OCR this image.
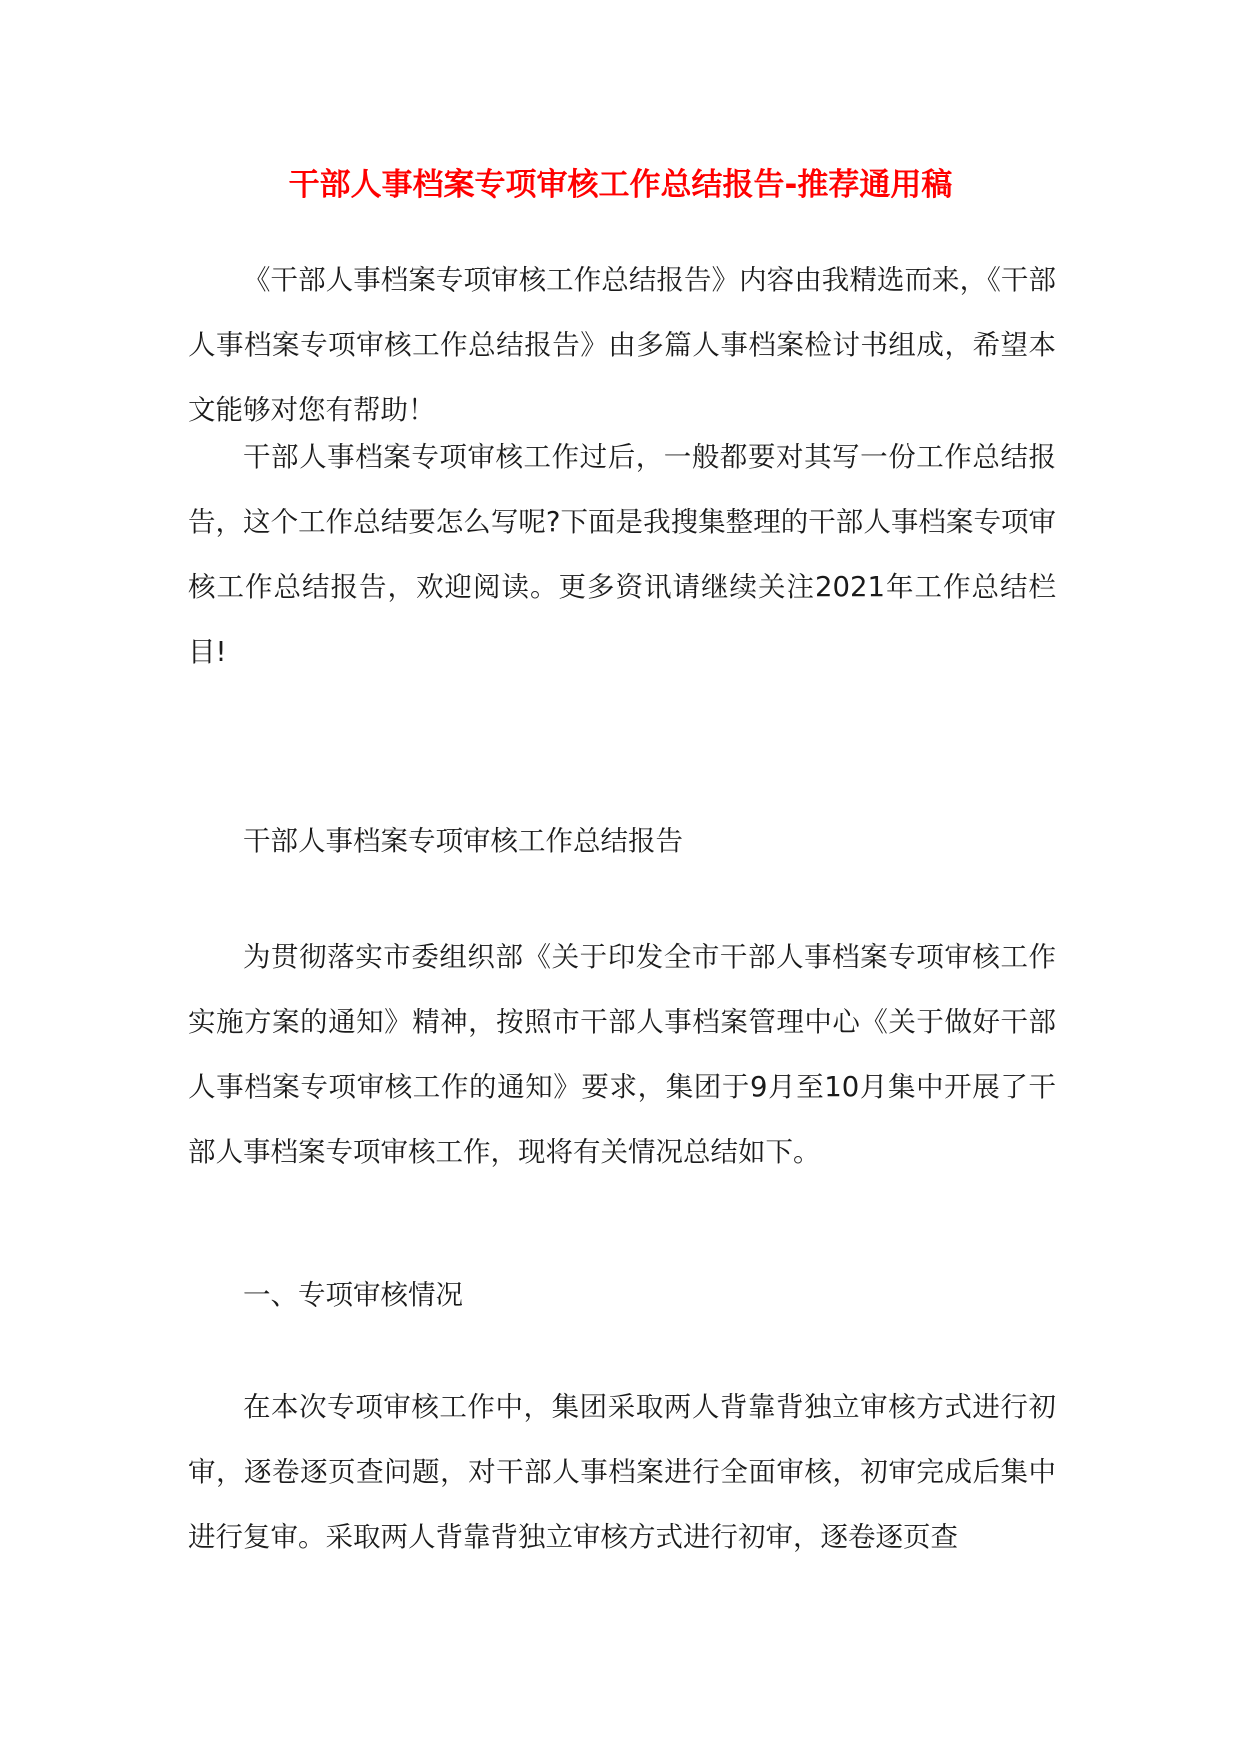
干部人事档案专项审核工作总结报告-推荐通用稿

《干部人事档案专项审核工作总结报告》内容由我精选而来，《干部人事档案专项审核工作总结报告》由多篇人事档案检讨书组成，希望本文能够对您有帮助！

干部人事档案专项审核工作过后，一般都要对其写一份工作总结报告，这个工作总结要怎么写呢?下面是我搜集整理的干部人事档案专项审核工作总结报告，欢迎阅读。更多资讯请继续关注2021年工作总结栏目!

干部人事档案专项审核工作总结报告

为贯彻落实市委组织部《关于印发全市干部人事档案专项审核工作实施方案的通知》精神，按照市干部人事档案管理中心《关于做好干部人事档案专项审核工作的通知》要求，集团于9月至10月集中开展了干部人事档案专项审核工作，现将有关情况总结如下。

一、专项审核情况

在本次专项审核工作中，集团采取两人背靠背独立审核方式进行初审，逐卷逐页查问题，对干部人事档案进行全面审核，初审完成后集中进行复审。采取两人背靠背独立审核方式进行初审，逐卷逐页查
